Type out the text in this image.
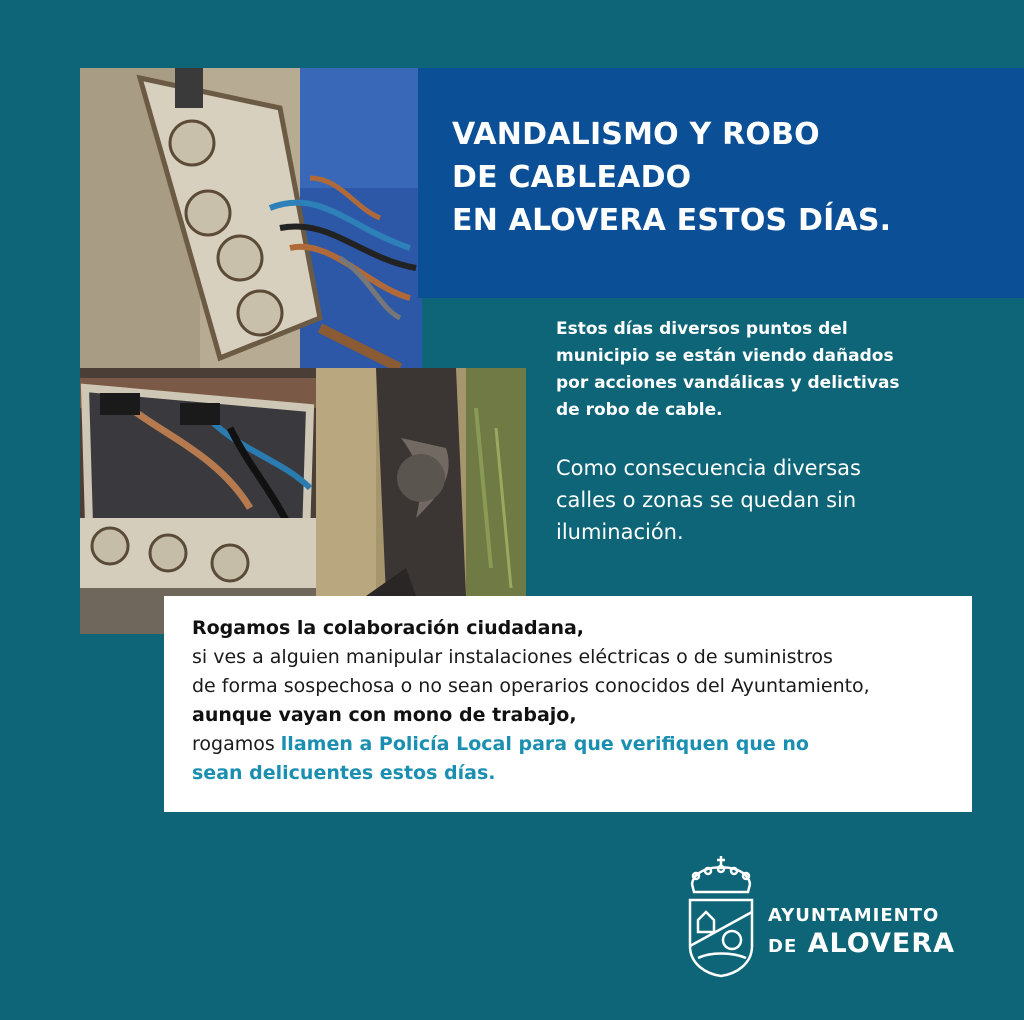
VANDALISMO Y ROBO
DE CABLEADO
EN ALOVERA ESTOS DÍAS.
Estos días diversos puntos del
municipio se están viendo dañados
por acciones vandálicas y delictivas
de robo de cable.
Como consecuencia diversas
calles o zonas se quedan sin
iluminación.
Rogamos la colaboración ciudadana,
si ves a alguien manipular instalaciones eléctricas o de suministros
de forma sospechosa o no sean operarios conocidos del Ayuntamiento,
aunque vayan con mono de trabajo,
rogamos llamen a Policía Local para que verifiquen que no
sean delicuentes estos días.
AYUNTAMIENTO
DE ALOVERA
